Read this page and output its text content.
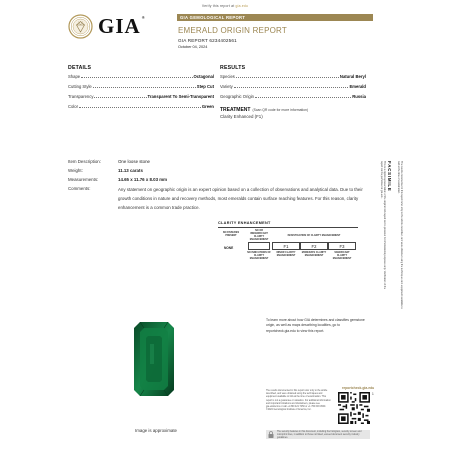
Verify this report at gia.edu
GIA®	GIA GEMOLOGICAL REPORT
EMERALD ORIGIN REPORT
GIA REPORT 6234402561
October 04, 2024
DETAILS
Shape	Octagonal
Cutting Style	Step Cut
Transparency	Transparent To Semi-Transparent
Color	Green
RESULTS
Species	Natural Beryl
Variety	Emerald
Geographic Origin	Russia
TREATMENT (Scan QR code for more information)
Clarity Enhanced (F1)
Item Description:	One loose stone
Weight:	11.13 carats
Measurements:	14.65 x 11.76 x 8.03 mm
Comments:	Any statement on geographic origin is an expert opinion based on a collection of observations and analytical data. Due to their growth conditions in nature and recovery methods, most emeralds contain surface reaching features. For this reason, clarity enhancement is a common trade practice.
CLARITY ENHANCEMENT
NO FISSURES PRESENT
NO OR INSIGNIFICANT CLARITY ENHANCEMENT
INVESTIGATION OF CLARITY ENHANCEMENT
NONE	F1	F2	F3
NO INDICATIONS OF CLARITY ENHANCEMENT
MINOR CLARITY ENHANCEMENT
MODERATE CLARITY ENHANCEMENT
SIGNIFICANT CLARITY ENHANCEMENT
To learn more about how GIA determines and classifies gemstone origin, as well as maps describing localities, go to reportcheck.gia.edu to view this report.
FACSIMILE
This is a digital representation of the original GIA report and is provided for informational purposes only. Verification of the report can be performed at gia.edu.	The results documented in this report refer only to the article described, and were obtained using the techniques and equipment available to GIA at the time of examination.
Image is approximate
reportcheck.gia.edu
The results documented in this report refer only to the article described, and were obtained using the techniques and equipment available to GIA at the time of examination. This report is not a guarantee or valuation. For additional information and important limitations and disclaimers, please see gia.edu/terms or call +1 800 421 7250 or +1 760 603 4500. ©2024 Gemological Institute of America, Inc.
1
The security features in this document, including the hologram, security screen and microprint lines, in addition to those not listed, exceed document security industry guidelines.
